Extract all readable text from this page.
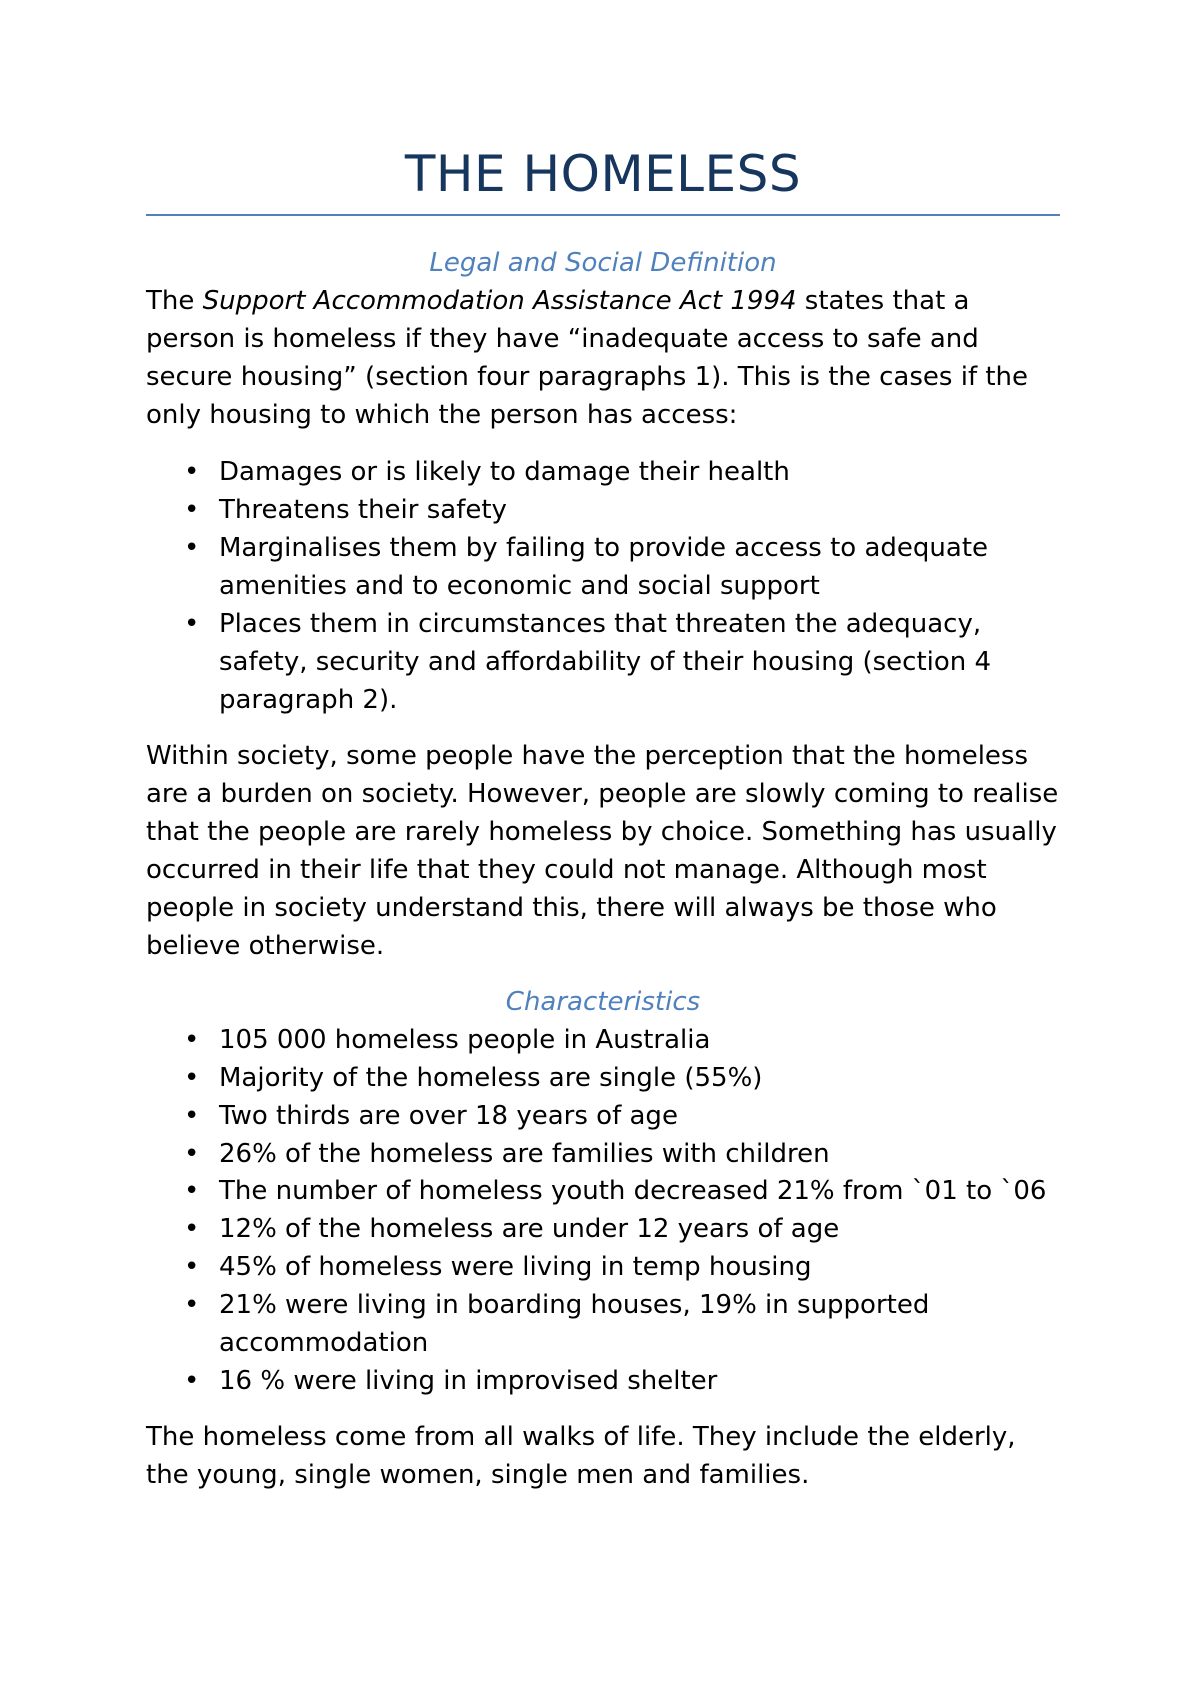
THE HOMELESS
Legal and Social Definition

The Support Accommodation Assistance Act 1994 states that a person is homeless if they have “inadequate access to safe and secure housing” (section four paragraphs 1). This is the cases if the only housing to which the person has access:

• Damages or is likely to damage their health
• Threatens their safety
• Marginalises them by failing to provide access to adequate amenities and to economic and social support
• Places them in circumstances that threaten the adequacy, safety, security and affordability of their housing (section 4 paragraph 2).

Within society, some people have the perception that the homeless are a burden on society. However, people are slowly coming to realise that the people are rarely homeless by choice. Something has usually occurred in their life that they could not manage. Although most people in society understand this, there will always be those who believe otherwise.

Characteristics
• 105 000 homeless people in Australia
• Majority of the homeless are single (55%)
• Two thirds are over 18 years of age
• 26% of the homeless are families with children
• The number of homeless youth decreased 21% from `01 to `06
• 12% of the homeless are under 12 years of age
• 45% of homeless were living in temp housing
• 21% were living in boarding houses, 19% in supported accommodation
• 16 % were living in improvised shelter

The homeless come from all walks of life. They include the elderly, the young, single women, single men and families.
